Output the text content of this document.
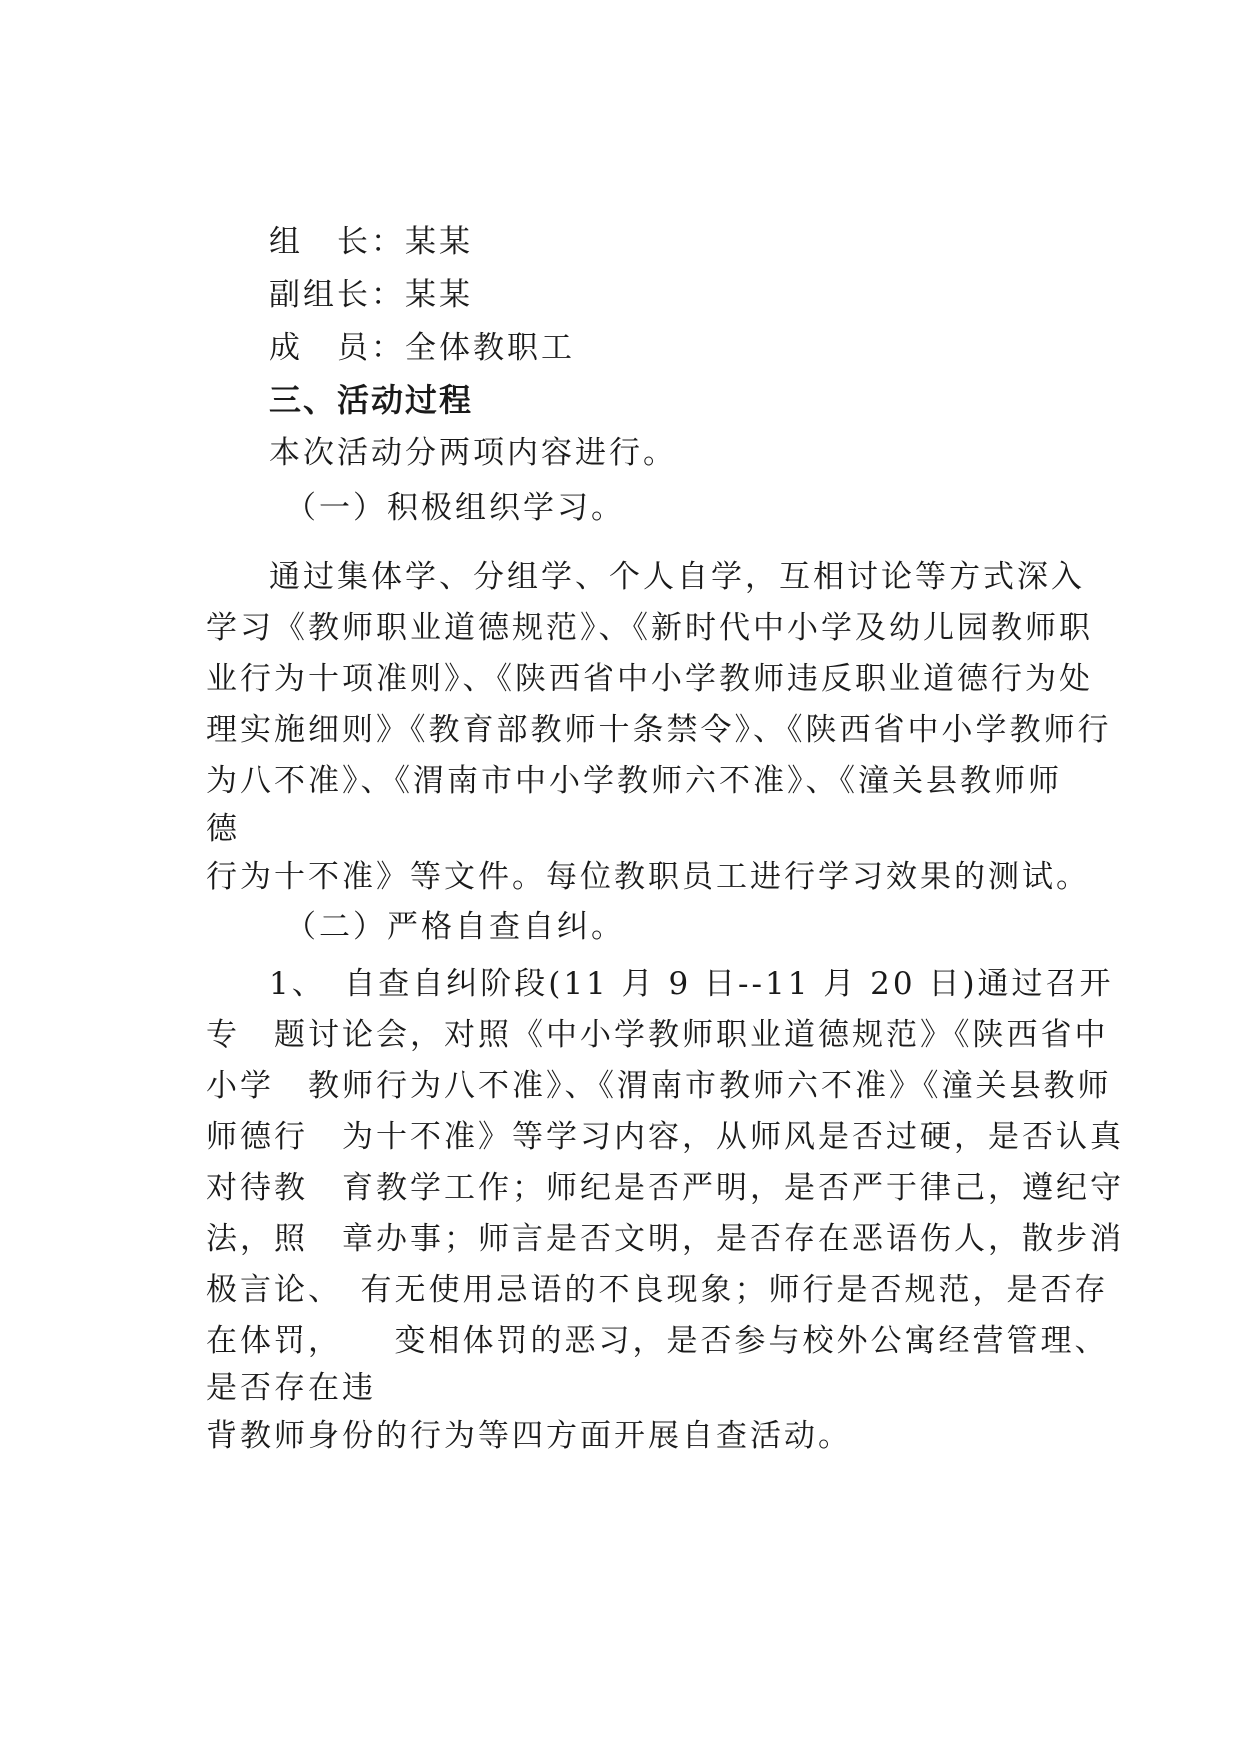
组　长：某某

副组长：某某

成　员：全体教职工

三、活动过程

本次活动分两项内容进行。

（一）积极组织学习。

通过集体学、分组学、个人自学，互相讨论等方式深入

学习《教师职业道德规范》、《新时代中小学及幼儿园教师职

业行为十项准则》、《陕西省中小学教师违反职业道德行为处

理实施细则》《教育部教师十条禁令》、《陕西省中小学教师行

为八不准》、《渭南市中小学教师六不准》、《潼关县教师师

德

行为十不准》等文件。每位教职员工进行学习效果的测试。

（二）严格自查自纠。

1、　自查自纠阶段(11 月 9 日--11 月 20 日)通过召开

专　题讨论会，对照《中小学教师职业道德规范》《陕西省中

小学　教师行为八不准》、《渭南市教师六不准》《潼关县教师

师德行　为十不准》等学习内容，从师风是否过硬，是否认真

对待教　育教学工作；师纪是否严明，是否严于律己，遵纪守

法，照　章办事；师言是否文明，是否存在恶语伤人，散步消

极言论、　有无使用忌语的不良现象；师行是否规范，是否存

在体罚，　　变相体罚的恶习，是否参与校外公寓经营管理、

是否存在违

背教师身份的行为等四方面开展自查活动。
